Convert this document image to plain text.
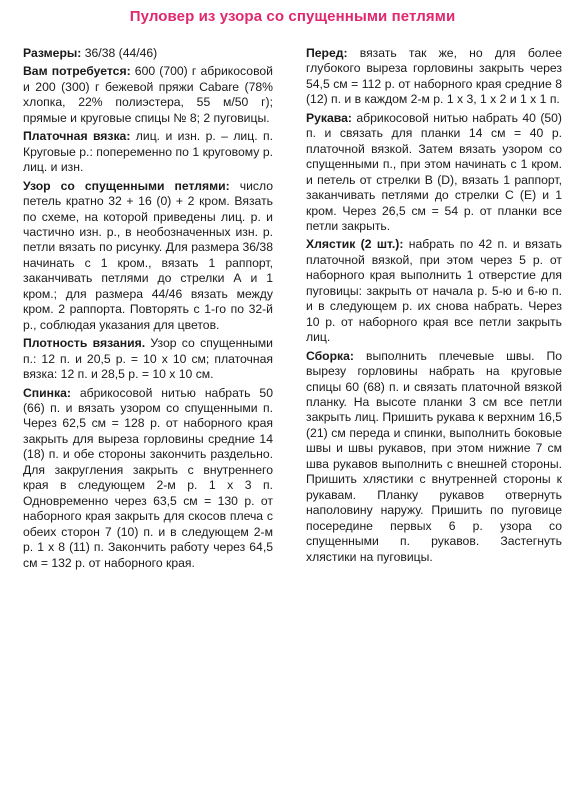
Пуловер из узора со спущенными петлями

Размеры: 36/38 (44/46)

Вам потребуется: 600 (700) г абрикосовой и 200 (300) г бежевой пряжи Cabare (78% хлопка, 22% полиэстера, 55 м/50 г); прямые и круговые спицы № 8; 2 пуговицы.

Платочная вязка: лиц. и изн. р. – лиц. п. Круговые р.: попеременно по 1 круговому р. лиц. и изн.

Узор со спущенными петлями: число петель кратно 32 + 16 (0) + 2 кром. Вязать по схеме, на которой приведены лиц. р. и частично изн. р., в необозначенных изн. р. петли вязать по рисунку. Для размера 36/38 начинать с 1 кром., вязать 1 раппорт, заканчивать петлями до стрелки А и 1 кром.; для размера 44/46 вязать между кром. 2 раппорта. Повторять с 1-го по 32-й р., соблюдая указания для цветов.

Плотность вязания. Узор со спущенными п.: 12 п. и 20,5 р. = 10 х 10 см; платочная вязка: 12 п. и 28,5 р. = 10 х 10 см.

Спинка: абрикосовой нитью набрать 50 (66) п. и вязать узором со спущенными п. Через 62,5 см = 128 р. от наборного края закрыть для выреза горловины средние 14 (18) п. и обе стороны закончить раздельно. Для закругления закрыть с внутреннего края в следующем 2-м р. 1 х 3 п. Одновременно через 63,5 см = 130 р. от наборного края закрыть для скосов плеча с обеих сторон 7 (10) п. и в следующем 2-м р. 1 х 8 (11) п. Закончить работу через 64,5 см = 132 р. от наборного края.

Перед: вязать так же, но для более глубокого выреза горловины закрыть через 54,5 см = 112 р. от наборного края средние 8 (12) п. и в каждом 2-м р. 1 х 3, 1 х 2 и 1 х 1 п.

Рукава: абрикосовой нитью набрать 40 (50) п. и связать для планки 14 см = 40 р. платочной вязкой. Затем вязать узором со спущенными п., при этом начинать с 1 кром. и петель от стрелки В (D), вязать 1 раппорт, заканчивать петлями до стрелки С (Е) и 1 кром. Через 26,5 см = 54 р. от планки все петли закрыть.

Хлястик (2 шт.): набрать по 42 п. и вязать платочной вязкой, при этом через 5 р. от наборного края выполнить 1 отверстие для пуговицы: закрыть от начала р. 5-ю и 6-ю п. и в следующем р. их снова набрать. Через 10 р. от наборного края все петли закрыть лиц.

Сборка: выполнить плечевые швы. По вырезу горловины набрать на круговые спицы 60 (68) п. и связать платочной вязкой планку. На высоте планки 3 см все петли закрыть лиц. Пришить рукава к верхним 16,5 (21) см переда и спинки, выполнить боковые швы и швы рукавов, при этом нижние 7 см шва рукавов выполнить с внешней стороны. Пришить хлястики с внутренней стороны к рукавам. Планку рукавов отвернуть наполовину наружу. Пришить по пуговице посередине первых 6 р. узора со спущенными п. рукавов. Застегнуть хлястики на пуговицы.
